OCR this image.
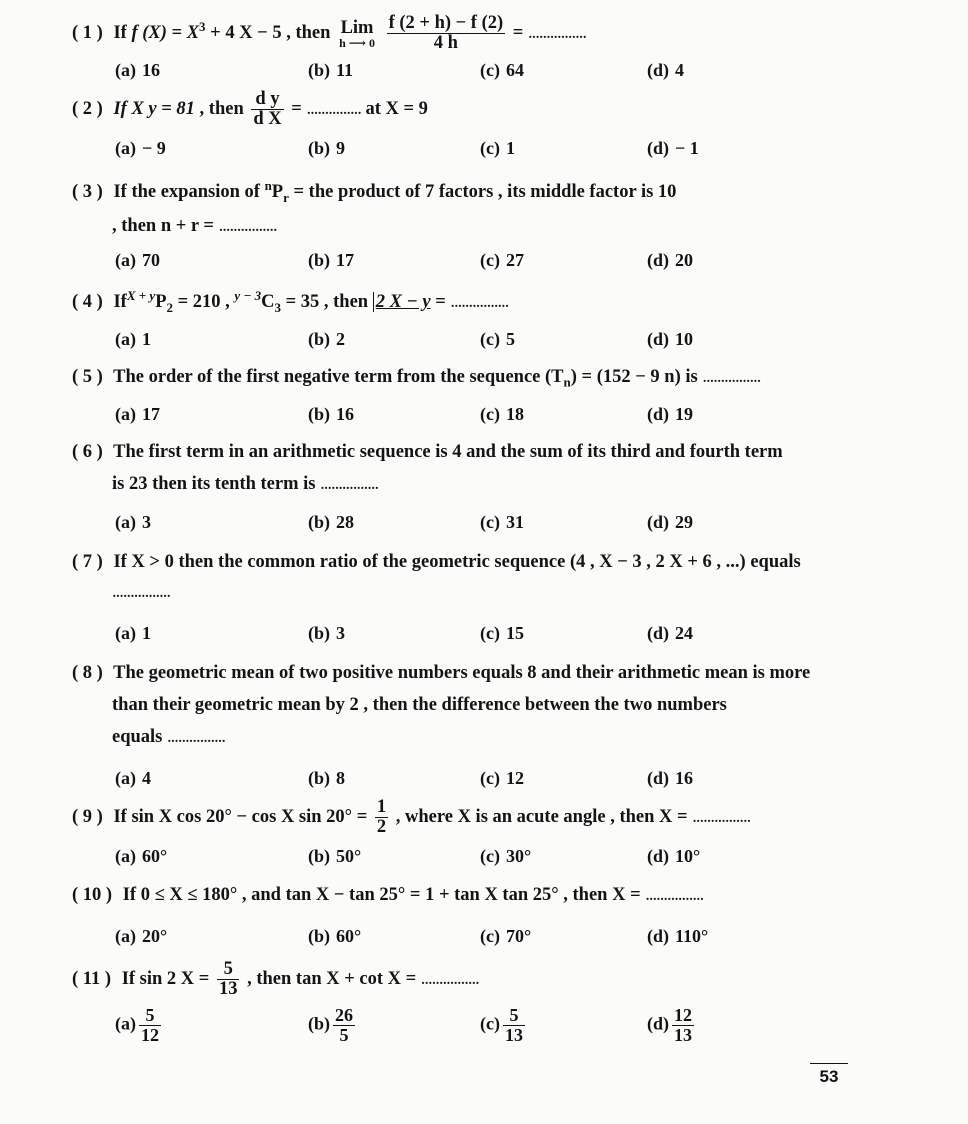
( 1 ) If f $(X) = X^3 + 4$ X − 5 , then Lim
h ⟶ 0
$\frac{f (2 + h) - f (2)}{4 h}$ = ................
(a) 16	(b) 11	(c) 64	(d) 4
( 2 ) If X y = 81 , then $\frac{\text{d y}}{\text{d X}}$ = ............... at X = 9
(a) − 9	(b) 9	(c) 1	(d) − 1
( 3 ) If the expansion of $^nP_r$ = the product of 7 factors , its middle factor is 10
, then n + r = ................
(a) 70	(b) 17	(c) 27	(d) 20
( 4 ) $If^{X + y}P_2 = 210$ , $^{y - 3}C_3 = 35$ , then 2 X − y = ................
(a) 1	(b) 2	(c) 5	(d) 10
( 5 ) The order of the first negative term from the sequence $(T_n) = (152 - 9$ n) is ................
(a) 17	(b) 16	(c) 18	(d) 19
( 6 ) The first term in an arithmetic sequence is 4 and the sum of its third and fourth term
is 23 then its tenth term is ................
(a) 3	(b) 28	(c) 31	(d) 29
( 7 ) If X > 0 then the common ratio of the geometric sequence (4 , X − 3 , 2 X + 6 , ...) equals
................
(a) 1	(b) 3	(c) 15	(d) 24
( 8 ) The geometric mean of two positive numbers equals 8 and their arithmetic mean is more
than their geometric mean by 2 , then the difference between the two numbers
equals ................
(a) 4	(b) 8	(c) 12	(d) 16
( 9 ) If sin X cos 20° − cos X $\sin 20^\circ = \frac{1}{2}$ , where X is an acute angle , then X = ................
(a) 60°	(b) 50°	(c) 30°	(d) 10°
( 10 ) If 0 ≤ X ≤ 180° , and tan X − tan 25° = 1 + tan X tan 25° , then X = ................
(a) 20°	(b) 60°	(c) 70°	(d) 110°
( 11 ) If sin 2 $X = \frac{5}{13}$ , then tan X + cot X = ................
$(a) \frac{5}{12}$	$(b) \frac{26}{5}$	$(c) \frac{5}{13}$	$(d) \frac{12}{13}$
53
